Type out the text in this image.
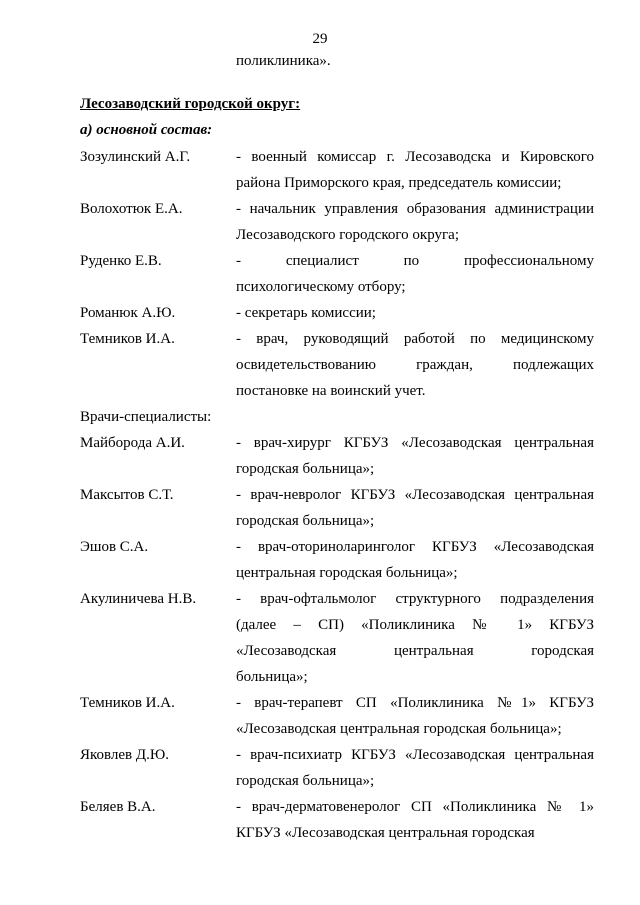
29
поликлиника».
Лесозаводский городской округ:
а) основной состав:
Зозулинский А.Г.	- военный комиссар г. Лесозаводска и Кировского
района Приморского края, председатель комиссии;
Волохотюк Е.А.	- начальник управления образования администрации
Лесозаводского городского округа;
Руденко Е.В.	- специалист по профессиональному
психологическому отбору;
Романюк А.Ю.	- секретарь комиссии;
Темников И.А.	- врач, руководящий работой по медицинскому
освидетельствованию граждан, подлежащих
постановке на воинский учет.
Врачи-специалисты:
Майборода А.И.	- врач-хирург КГБУЗ «Лесозаводская центральная
городская больница»;
Максытов С.Т.	- врач-невролог КГБУЗ «Лесозаводская центральная
городская больница»;
Эшов С.А.	- врач-оториноларинголог КГБУЗ «Лесозаводская
центральная городская больница»;
Акулиничева Н.В.	- врач-офтальмолог структурного подразделения
(далее – СП) «Поликлиника № 1» КГБУЗ
«Лесозаводская центральная городская
больница»;
Темников И.А.	- врач-терапевт СП «Поликлиника №1» КГБУЗ
«Лесозаводская центральная городская больница»;
Яковлев Д.Ю.	- врач-психиатр КГБУЗ «Лесозаводская центральная
городская больница»;
Беляев В.А.	- врач-дерматовенеролог СП «Поликлиника № 1»
КГБУЗ «Лесозаводская центральная городская
